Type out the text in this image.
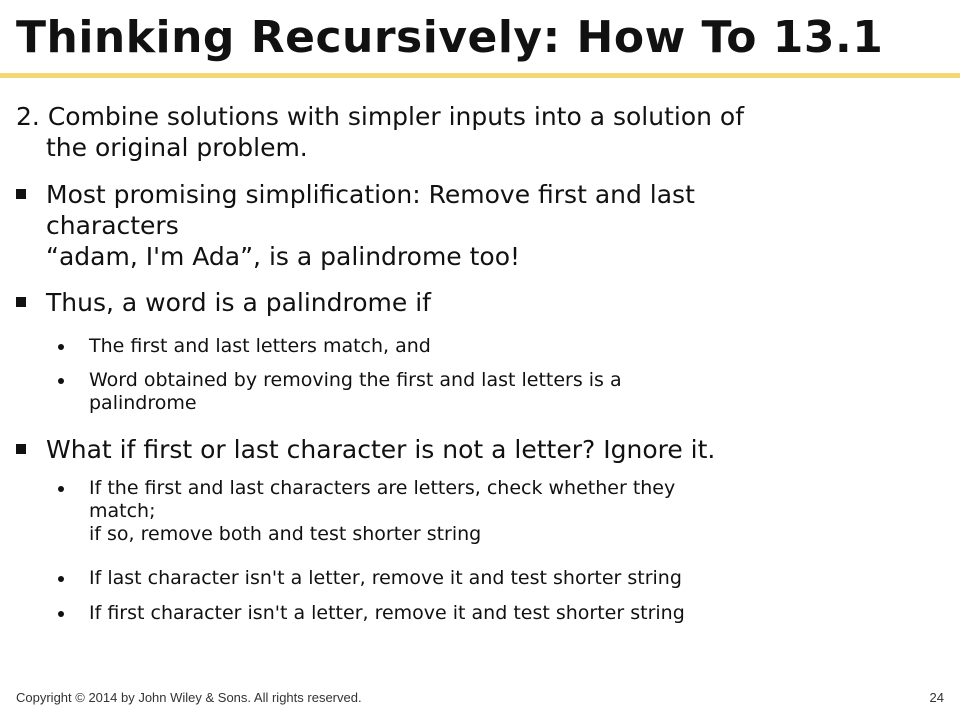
Thinking Recursively: How To 13.1
2. Combine solutions with simpler inputs into a solution of
the original problem.
Most promising simplification: Remove first and last
characters
“adam, I'm Ada”, is a palindrome too!
Thus, a word is a palindrome if
The first and last letters match, and
Word obtained by removing the first and last letters is a
palindrome
What if first or last character is not a letter? Ignore it.
If the first and last characters are letters, check whether they
match;
if so, remove both and test shorter string
If last character isn't a letter, remove it and test shorter string
If first character isn't a letter, remove it and test shorter string
Copyright © 2014 by John Wiley & Sons. All rights reserved.	24
